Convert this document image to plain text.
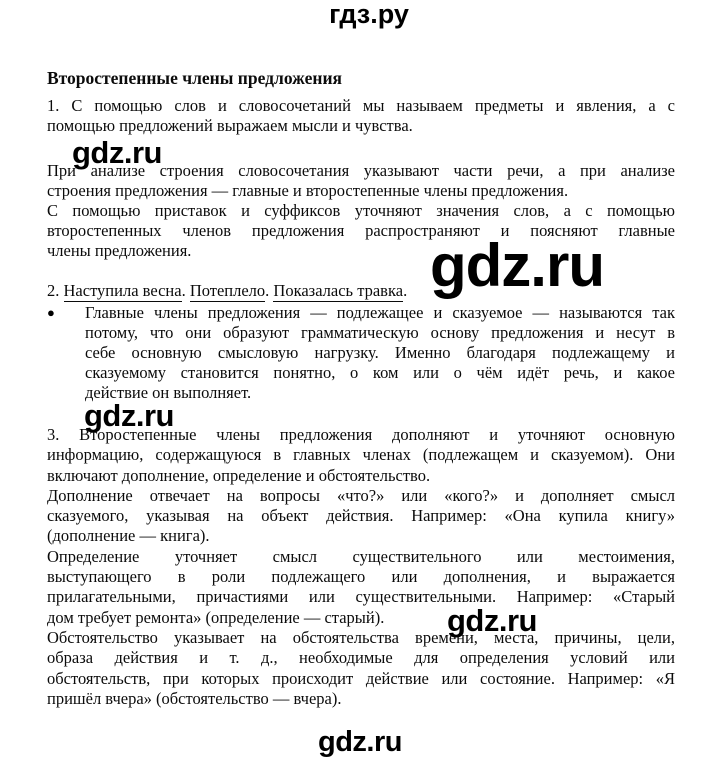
гдз.ру
Второстепенные члены предложения
1. С помощью слов и словосочетаний мы называем предметы и явления, а с
помощью предложений выражаем мысли и чувства.
gdz.ru
При анализе строения словосочетания указывают части речи, а при анализе
строения предложения — главные и второстепенные члены предложения.
С помощью приставок и суффиксов уточняют значения слов, а с помощью
второстепенных членов предложения распространяют и поясняют главные
члены предложения.	gdz.ru
2. Наступила весна. Потеплело. Показалась травка.
● Главные члены предложения — подлежащее и сказуемое — называются так
потому, что они образуют грамматическую основу предложения и несут в
себе основную смысловую нагрузку. Именно благодаря подлежащему и
сказуемому становится понятно, о ком или о чём идёт речь, и какое
действие он выполняет.
gdz.ru
3. Второстепенные члены предложения дополняют и уточняют основную
информацию, содержащуюся в главных членах (подлежащем и сказуемом). Они
включают дополнение, определение и обстоятельство.
Дополнение отвечает на вопросы «что?» или «кого?» и дополняет смысл
сказуемого, указывая на объект действия. Например: «Она купила книгу»
(дополнение — книга).
Определение уточняет смысл существительного или местоимения,
выступающего в роли подлежащего или дополнения, и выражается
прилагательными, причастиями или существительными. Например: «Старый
дом требует ремонта» (определение — старый).
Обстоятельство указывает на обстоятельства времени, места, причины, цели,
образа действия и т. д., необходимые для определения условий или
обстоятельств, при которых происходит действие или состояние. Например: «Я
пришёл вчера» (обстоятельство — вчера).
gdz.ru
gdz.ru
